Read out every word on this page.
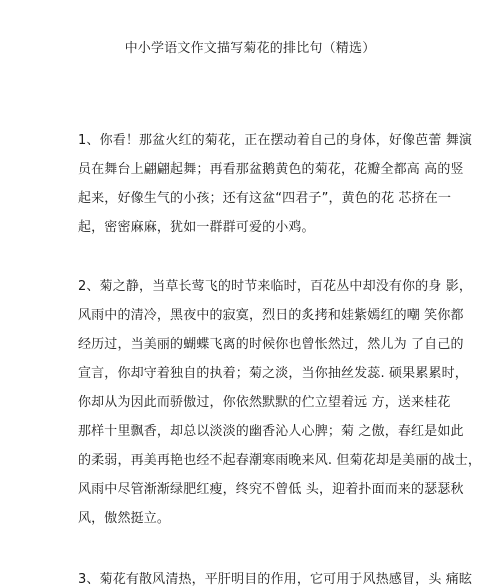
中小学语文作文描写菊花的排比句（精选）
1、你看！那盆火红的菊花，正在摆动着自己的身体，好像芭蕾 舞演
员在舞台上翩翩起舞；再看那盆鹅黄色的菊花，花瓣全都高 高的竖
起来，好像生气的小孩；还有这盆“四君子”，黄色的花 芯挤在一
起，密密麻麻，犹如一群群可爱的小鸡。
2、菊之静，当草长莺飞的时节来临时，百花丛中却没有你的身 影，
风雨中的清冷，黑夜中的寂寞，烈日的炙拷和娃紫嫣红的嘲 笑你都
经历过，当美丽的蝴蝶飞离的时候你也曾怅然过，然儿为 了自己的
宣言，你却守着独自的执着；菊之淡，当你抽丝发蕊. 硕果累累时，
你却从为因此而骄傲过，你依然默默的伫立望着远 方，送来桂花
那样十里飘香，却总以淡淡的幽香沁人心脾；菊 之傲，春红是如此
的柔弱，再美再艳也经不起春潮寒雨晚来风. 但菊花却是美丽的战士，
风雨中尽管渐渐绿肥红瘦，终究不曾低 头，迎着扑面而来的瑟瑟秋
风，傲然挺立。
3、菊花有散风清热，平肝明目的作用，它可用于风热感冒，头 痛眩
